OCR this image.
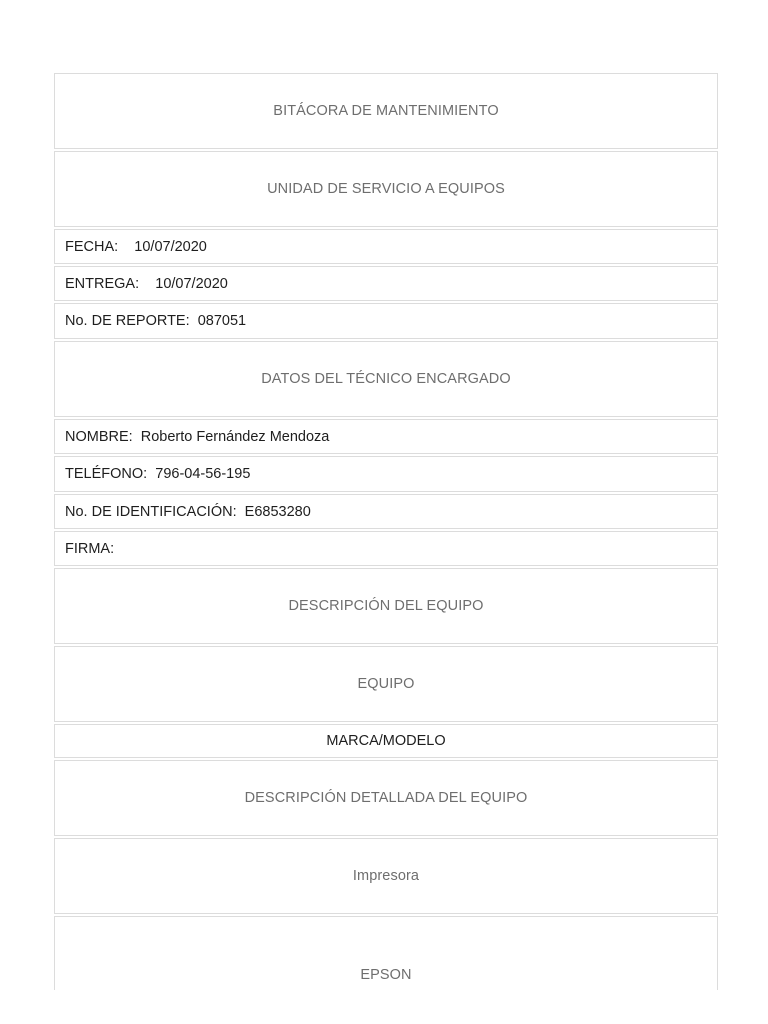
BITÁCORA DE MANTENIMIENTO
UNIDAD DE SERVICIO A EQUIPOS
FECHA:
10/07/2020
ENTREGA:
10/07/2020
No. DE REPORTE:
087051
DATOS DEL TÉCNICO ENCARGADO
NOMBRE:
Roberto Fernández Mendoza
TELÉFONO:
796-04-56-195
No. DE IDENTIFICACIÓN:
E6853280
FIRMA:
DESCRIPCIÓN DEL EQUIPO
EQUIPO
MARCA/MODELO
DESCRIPCIÓN DETALLADA DEL EQUIPO
Impresora
EPSON
